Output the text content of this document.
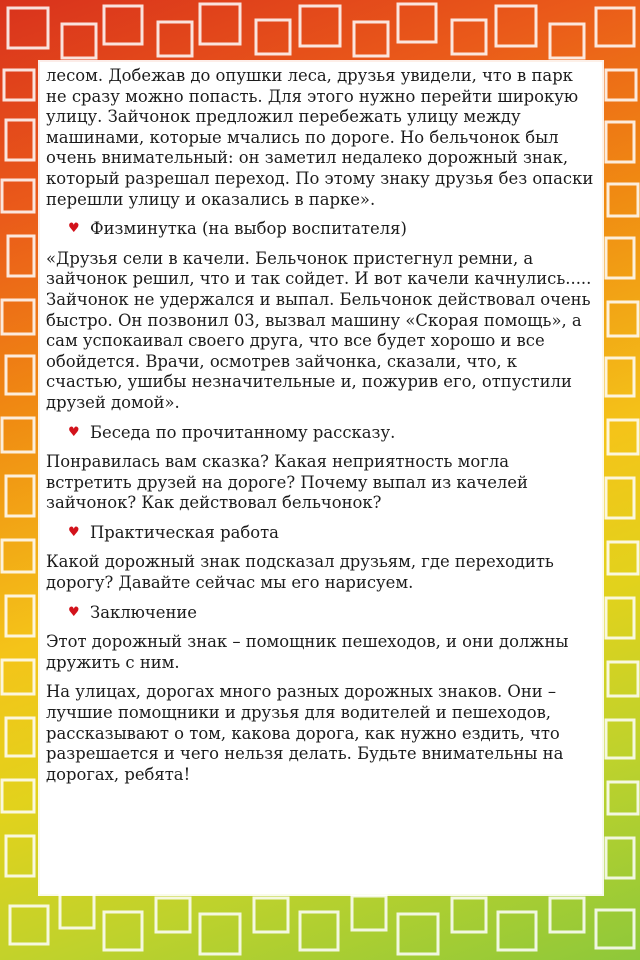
лесом. Добежав до опушки леса, друзья увидели, что в парк не сразу можно попасть. Для этого нужно перейти широкую улицу. Зайчонок предложил перебежать улицу между машинами, которые мчались по дороге. Но бельчонок был очень внимательный: он заметил недалеко дорожный знак, который разрешал переход. По этому знаку друзья без опаски перешли улицу и оказались в парке».

♥ Физминутка (на выбор воспитателя)

«Друзья сели в качели. Бельчонок пристегнул ремни, а зайчонок решил, что и так сойдет. И вот качели качнулись..... Зайчонок не удержался и выпал. Бельчонок действовал очень быстро. Он позвонил 03, вызвал машину «Скорая помощь», а сам успокаивал своего друга, что все будет хорошо и все обойдется. Врачи, осмотрев зайчонка, сказали, что, к счастью, ушибы незначительные и, пожурив его, отпустили друзей домой».

♥ Беседа по прочитанному рассказу.

Понравилась вам сказка? Какая неприятность могла встретить друзей на дороге? Почему выпал из качелей зайчонок? Как действовал бельчонок?

♥ Практическая работа

Какой дорожный знак подсказал друзьям, где переходить дорогу? Давайте сейчас мы его нарисуем.

♥ Заключение

Этот дорожный знак – помощник пешеходов, и они должны дружить с ним.

На улицах, дорогах много разных дорожных знаков. Они – лучшие помощники и друзья для водителей и пешеходов, рассказывают о том, какова дорога, как нужно ездить, что разрешается и чего нельзя делать. Будьте внимательны на дорогах, ребята!
